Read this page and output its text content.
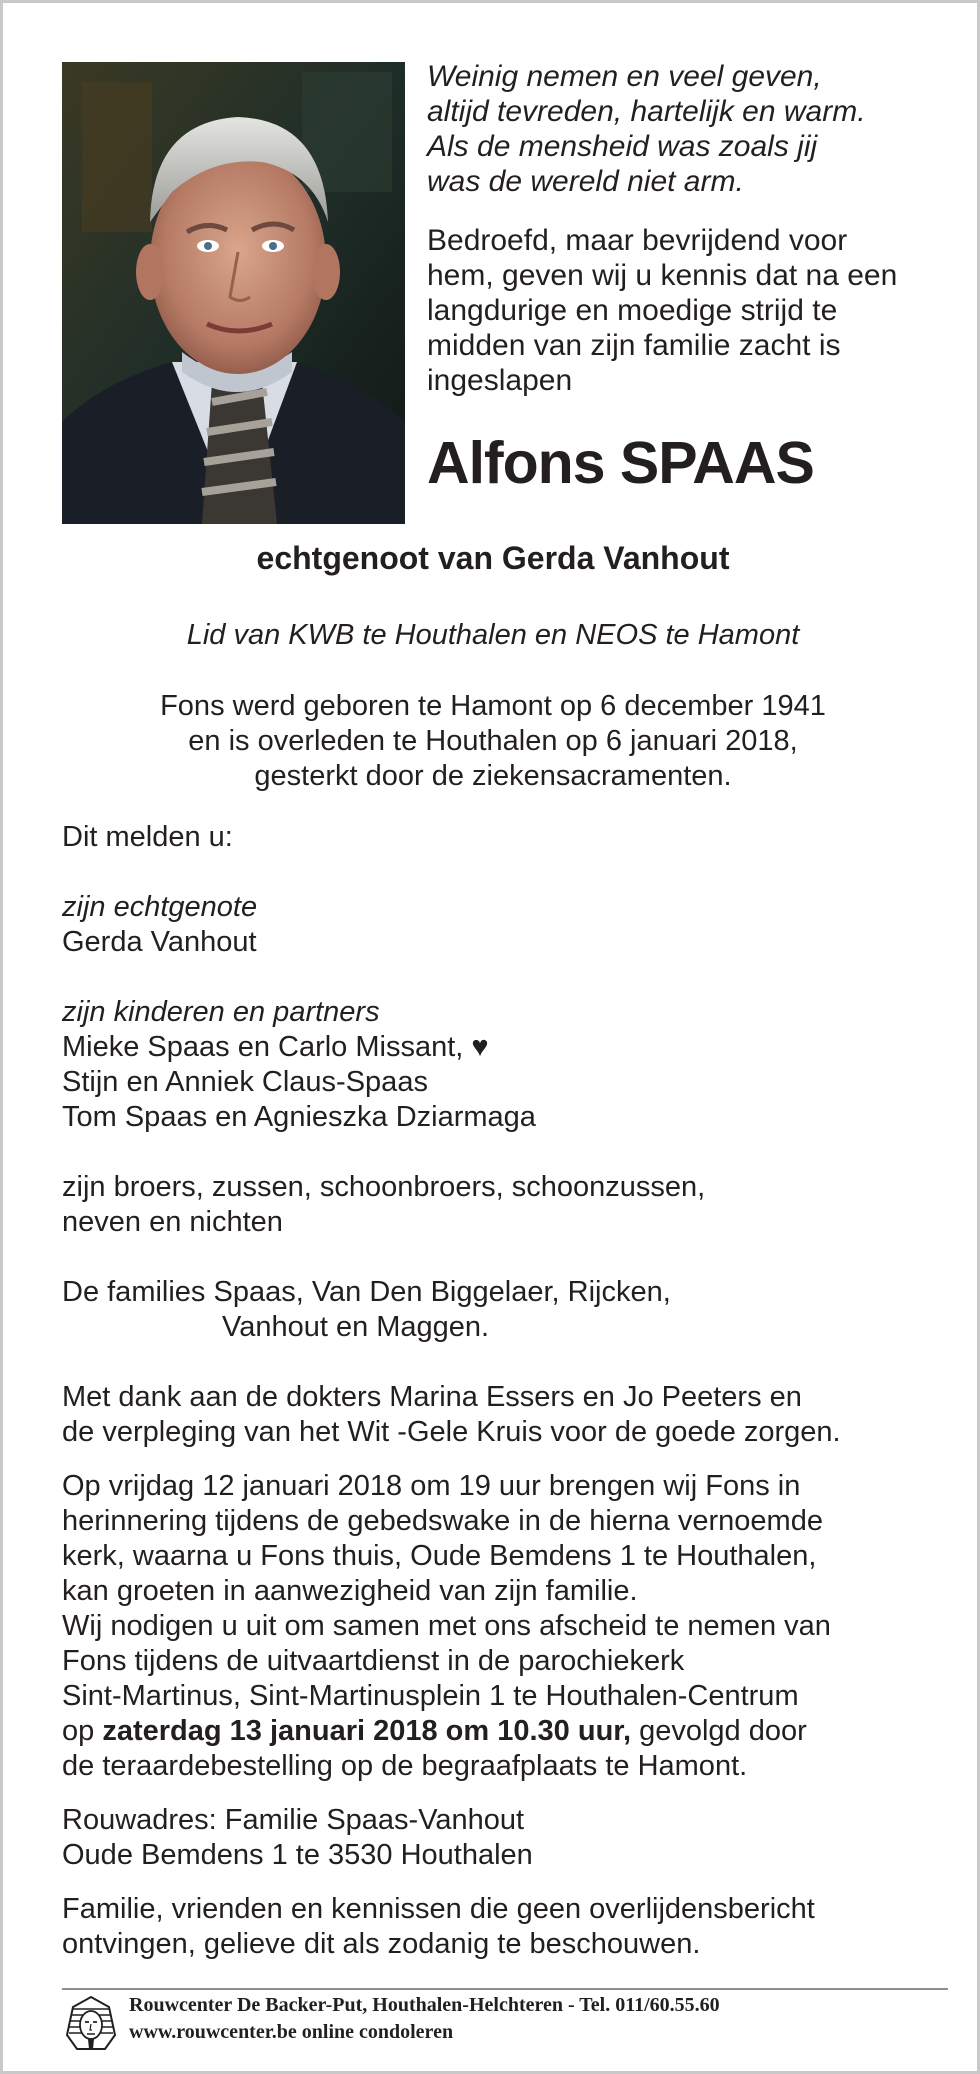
Weinig nemen en veel geven,
altijd tevreden, hartelijk en warm.
Als de mensheid was zoals jij
was de wereld niet arm.
Bedroefd, maar bevrijdend voor
hem, geven wij u kennis dat na een
langdurige en moedige strijd te
midden van zijn familie zacht is
ingeslapen
Alfons SPAAS
echtgenoot van Gerda Vanhout
Lid van KWB te Houthalen en NEOS te Hamont
Fons werd geboren te Hamont op 6 december 1941
en is overleden te Houthalen op 6 januari 2018,
gesterkt door de ziekensacramenten.
Dit melden u:
zijn echtgenote
Gerda Vanhout
zijn kinderen en partners
Mieke Spaas en Carlo Missant, ♥
Stijn en Anniek Claus-Spaas
Tom Spaas en Agnieszka Dziarmaga
zijn broers, zussen, schoonbroers, schoonzussen,
neven en nichten
De families Spaas, Van Den Biggelaer, Rijcken,
Vanhout en Maggen.
Met dank aan de dokters Marina Essers en Jo Peeters en
de verpleging van het Wit -Gele Kruis voor de goede zorgen.
Op vrijdag 12 januari 2018 om 19 uur brengen wij Fons in
herinnering tijdens de gebedswake in de hierna vernoemde
kerk, waarna u Fons thuis, Oude Bemdens 1 te Houthalen,
kan groeten in aanwezigheid van zijn familie.
Wij nodigen u uit om samen met ons afscheid te nemen van
Fons tijdens de uitvaartdienst in de parochiekerk
Sint-Martinus, Sint-Martinusplein 1 te Houthalen-Centrum
op zaterdag 13 januari 2018 om 10.30 uur, gevolgd door
de teraardebestelling op de begraafplaats te Hamont.
Rouwadres: Familie Spaas-Vanhout
Oude Bemdens 1 te 3530 Houthalen
Familie, vrienden en kennissen die geen overlijdensbericht
ontvingen, gelieve dit als zodanig te beschouwen.
Rouwcenter De Backer-Put, Houthalen-Helchteren - Tel. 011/60.55.60
www.rouwcenter.be online condoleren
